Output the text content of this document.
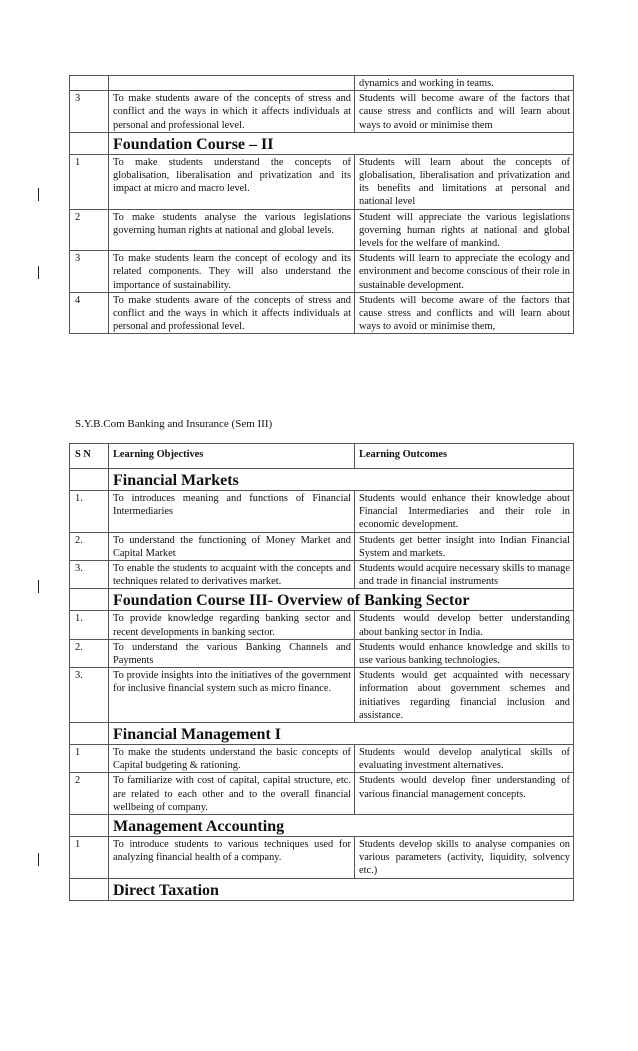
		dynamics and working in teams.
3	To make students aware of the concepts of stress and conflict and the ways in which it affects individuals at personal and professional level.	Students will become aware of the factors that cause stress and conflicts and will learn about ways to avoid or minimise them
	Foundation Course – II	
1	To make students understand the concepts of globalisation, liberalisation and privatization and its impact at micro and macro level.	Students will learn about the concepts of globalisation, liberalisation and privatization and its benefits and limitations at personal and national level
2	To make students analyse the various legislations governing human rights at national and global levels.	Student will appreciate the various legislations governing human rights at national and global levels for the welfare of mankind.
3	To make students learn the concept of ecology and its related components. They will also understand the importance of sustainability.	Students will learn to appreciate the ecology and environment and become conscious of their role in sustainable development.
4	To make students aware of the concepts of stress and conflict and the ways in which it affects individuals at personal and professional level.	Students will become aware of the factors that cause stress and conflicts and will learn about ways to avoid or minimise them,
S.Y.B.Com Banking and Insurance (Sem III)
S N	Learning Objectives	Learning Outcomes
	Financial Markets	
1.	To introduces meaning and functions of Financial Intermediaries	Students would enhance their knowledge about Financial Intermediaries and their role in economic development.
2.	To understand the functioning of Money Market and Capital Market	Students get better insight into Indian Financial System and markets.
3.	To enable the students to acquaint with the concepts and techniques related to derivatives market.	Students would acquire necessary skills to manage and trade in financial instruments
	Foundation Course III- Overview of Banking Sector	
1.	To provide knowledge regarding banking sector and recent developments in banking sector.	Students would develop better understanding about banking sector in India.
2.	To understand the various Banking Channels and Payments	Students would enhance knowledge and skills to use various banking technologies.
3.	To provide insights into the initiatives of the government for inclusive financial system such as micro finance.	Students would get acquainted with necessary information about government schemes and initiatives regarding financial inclusion and assistance.
	Financial Management I	
1	To make the students understand the basic concepts of Capital budgeting & rationing.	Students would develop analytical skills of evaluating investment alternatives.
2	To familiarize with cost of capital, capital structure, etc. are related to each other and to the overall financial wellbeing of company.	Students would develop finer understanding of various financial management concepts.
	Management Accounting	
1	To introduce students to various techniques used for analyzing financial health of a company.	Students develop skills to analyse companies on various parameters (activity, liquidity, solvency etc.)
	Direct Taxation	
